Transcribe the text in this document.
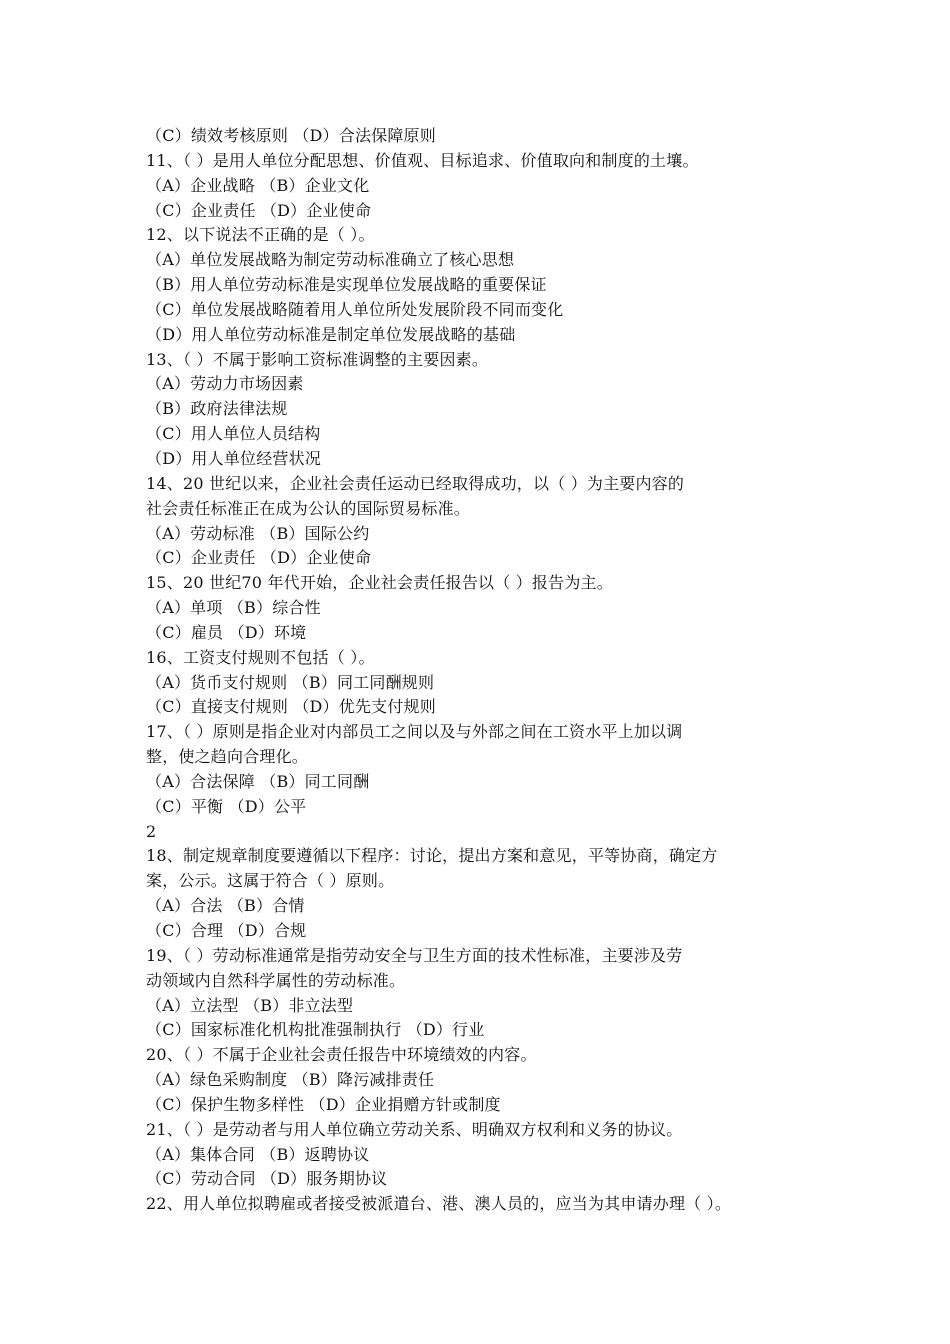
（C）绩效考核原则 （D）合法保障原则
11、（ ）是用人单位分配思想、价值观、目标追求、价值取向和制度的土壤。
（A）企业战略 （B）企业文化
（C）企业责任 （D）企业使命
12、以下说法不正确的是（ ）。
（A）单位发展战略为制定劳动标准确立了核心思想
（B）用人单位劳动标准是实现单位发展战略的重要保证
（C）单位发展战略随着用人单位所处发展阶段不同而变化
（D）用人单位劳动标准是制定单位发展战略的基础
13、（ ）不属于影响工资标准调整的主要因素。
（A）劳动力市场因素
（B）政府法律法规
（C）用人单位人员结构
（D）用人单位经营状况
14、20 世纪以来，企业社会责任运动已经取得成功，以（ ）为主要内容的
社会责任标准正在成为公认的国际贸易标准。
（A）劳动标准 （B）国际公约
（C）企业责任 （D）企业使命
15、20 世纪70 年代开始，企业社会责任报告以（ ）报告为主。
（A）单项 （B）综合性
（C）雇员 （D）环境
16、工资支付规则不包括（ ）。
（A）货币支付规则 （B）同工同酬规则
（C）直接支付规则 （D）优先支付规则
17、（ ）原则是指企业对内部员工之间以及与外部之间在工资水平上加以调
整，使之趋向合理化。
（A）合法保障 （B）同工同酬
（C）平衡 （D）公平
2
18、制定规章制度要遵循以下程序：讨论，提出方案和意见，平等协商，确定方
案，公示。这属于符合（ ）原则。
（A）合法 （B）合情
（C）合理 （D）合规
19、（ ）劳动标准通常是指劳动安全与卫生方面的技术性标准，主要涉及劳
动领域内自然科学属性的劳动标准。
（A）立法型 （B）非立法型
（C）国家标准化机构批准强制执行 （D）行业
20、（ ）不属于企业社会责任报告中环境绩效的内容。
（A）绿色采购制度 （B）降污减排责任
（C）保护生物多样性 （D）企业捐赠方针或制度
21、（ ）是劳动者与用人单位确立劳动关系、明确双方权利和义务的协议。
（A）集体合同 （B）返聘协议
（C）劳动合同 （D）服务期协议
22、用人单位拟聘雇或者接受被派遣台、港、澳人员的，应当为其申请办理（ ）。
